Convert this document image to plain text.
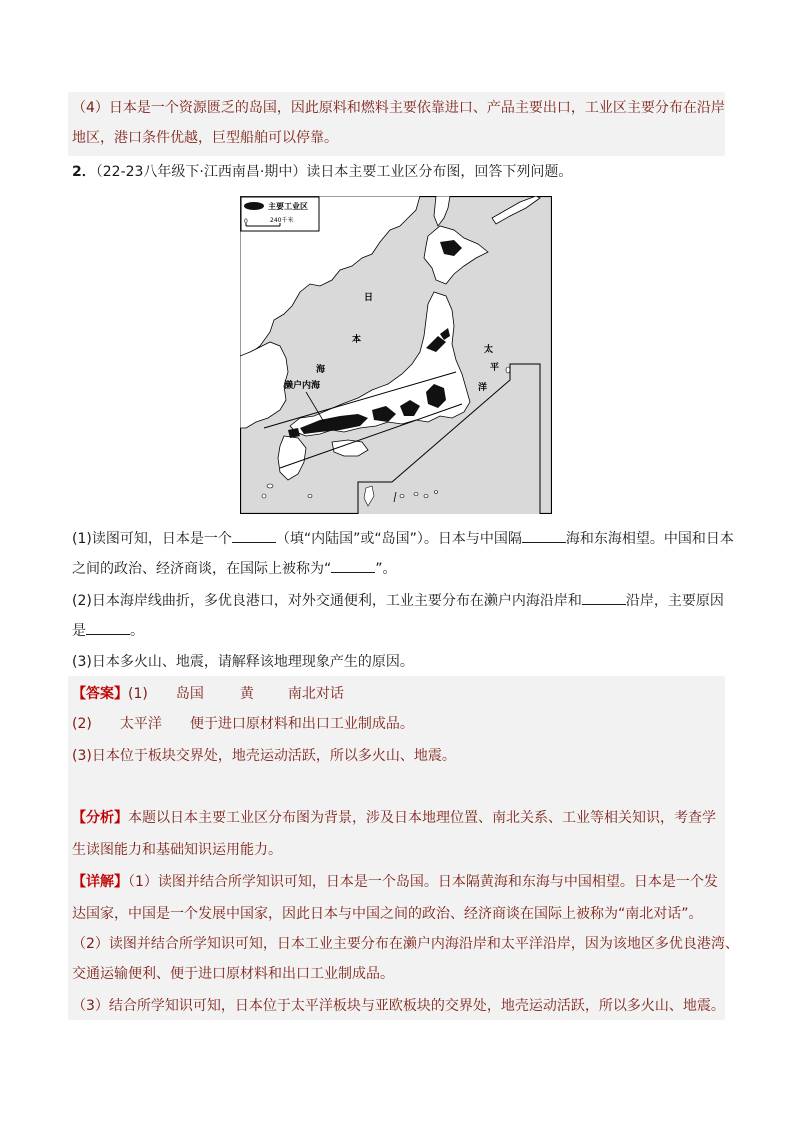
（4）日本是一个资源匮乏的岛国，因此原料和燃料主要依靠进口、产品主要出口，工业区主要分布在沿岸
地区，港口条件优越，巨型船舶可以停靠。
2．（22-23八年级下·江西南昌·期中）读日本主要工业区分布图，回答下列问题。
主要工业区
0	240千米
日
本
海
濑户内海
太
平
洋
(1)读图可知，日本是一个	（填“内陆国”或“岛国”）。日本与中国隔	海和东海相望。中国和日本
之间的政治、经济商谈，在国际上被称为“	”。
(2)日本海岸线曲折，多优良港口，对外交通便利，工业主要分布在濑户内海沿岸和	沿岸，主要原因
是	。
(3)日本多火山、地震，请解释该地理现象产生的原因。
【答案】(1) 岛国	黄 南北对话
(2) 太平洋 便于进口原材料和出口工业制成品。
(3)日本位于板块交界处，地壳运动活跃，所以多火山、地震。
【分析】本题以日本主要工业区分布图为背景，涉及日本地理位置、南北关系、工业等相关知识，考查学
生读图能力和基础知识运用能力。
【详解】（1）读图并结合所学知识可知，日本是一个岛国。日本隔黄海和东海与中国相望。日本是一个发
达国家，中国是一个发展中国家，因此日本与中国之间的政治、经济商谈在国际上被称为“南北对话”。
（2）读图并结合所学知识可知，日本工业主要分布在濑户内海沿岸和太平洋沿岸，因为该地区多优良港湾、
交通运输便利、便于进口原材料和出口工业制成品。
（3）结合所学知识可知，日本位于太平洋板块与亚欧板块的交界处，地壳运动活跃，所以多火山、地震。
